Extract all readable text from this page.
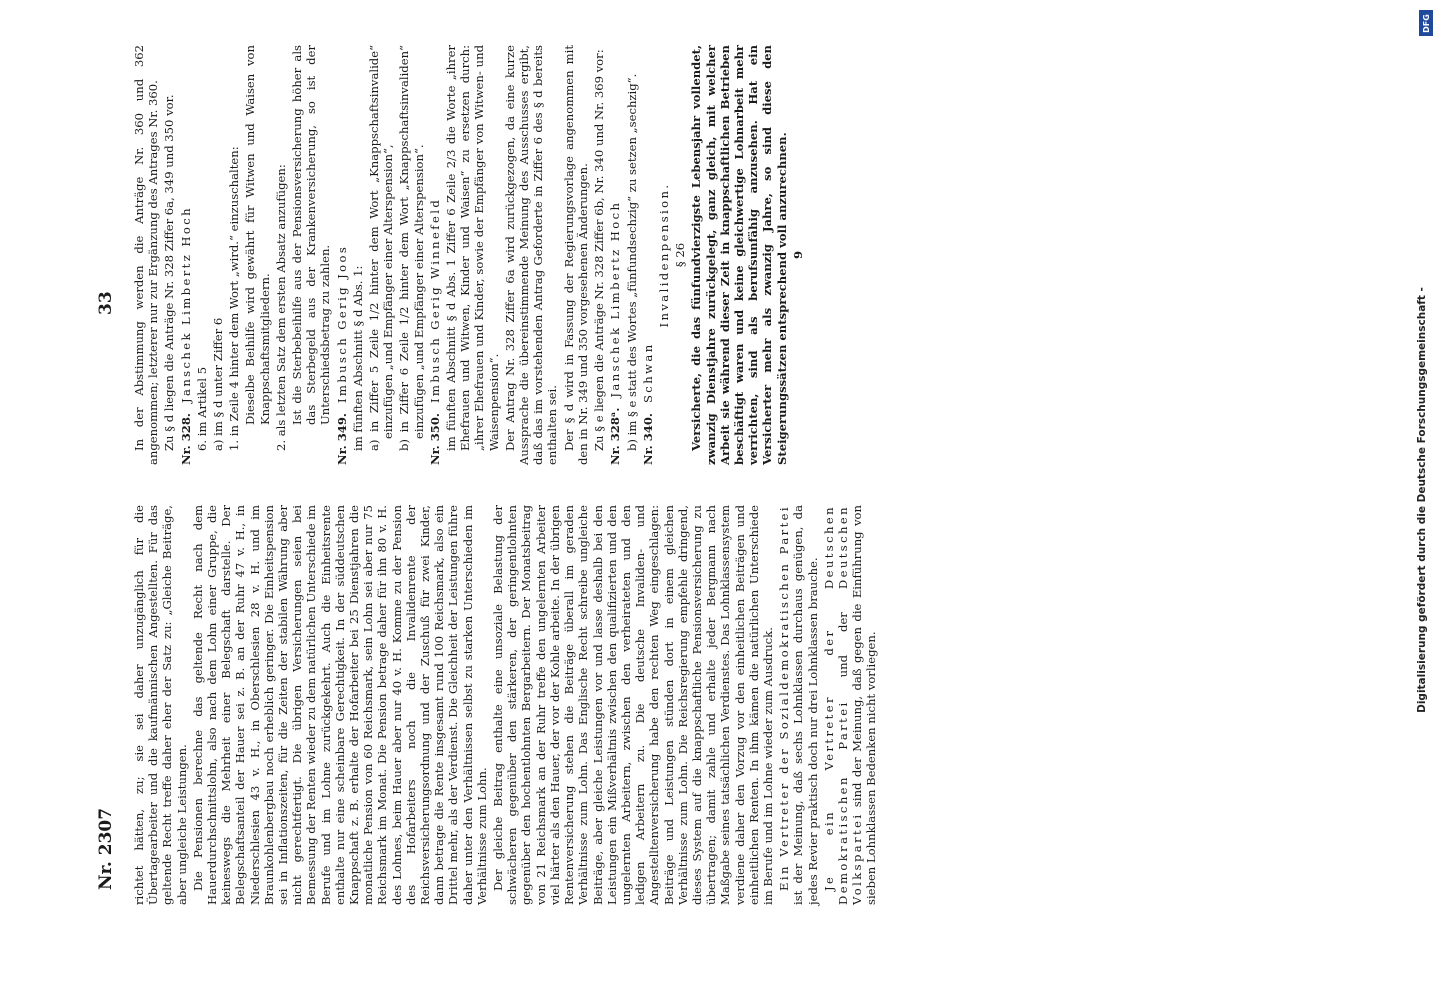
33
Nr. 2307 richtet hätten, zu; sie sei daher unzugänglich für die Übertagearbeiter und die kaufmännischen Angestellten. Für das geltende Recht treffe daher eher der Satz zu: „Gleiche Beiträge, aber ungleiche Leistungen. Die Pensionen berechne das geltende Recht nach dem Hauerdurchschnittslohn, also nach dem Lohn einer Gruppe, die keineswegs die Mehrheit einer Belegschaft darstelle. Der Belegschaftsanteil der Hauer sei z. B. an der Ruhr 47 v. H., in Niederschlesien 43 v. H., in Oberschlesien 28 v. H. und im Braunkohlenbergbau noch erheblich geringer. Die Einheitspension sei in Inflationszeiten, für die Zeiten der stabilen Währung aber nicht gerechtfertigt. Die übrigen Versicherungen seien bei Bemessung der Renten wieder zu dem natürlichen Unterschiede im Berufe und im Lohne zurückgekehrt. Auch die Einheitsrente enthalte nur eine scheinbare Gerechtigkeit. In der süddeutschen Knappschaft z. B. erhalte der Hofarbeiter bei 25 Dienstjahren die monatliche Pension von 60 Reichsmark, sein Lohn sei aber nur 75 Reichsmark im Monat. Die Pension betrage daher für ihn 80 v. H. des Lohnes, beim Hauer aber nur 40 v. H. Komme zu der Pension des Hofarbeiters noch die Invalidenrente der Reichsversicherungsordnung und der Zuschuß für zwei Kinder, dann betrage die Rente insgesamt rund 100 Reichsmark, also ein Drittel mehr, als der Verdienst. Die Gleichheit der Leistungen führe daher unter den Verhältnissen selbst zu starken Unterschieden im Verhältnisse zum Lohn. Der gleiche Beitrag enthalte eine unsoziale Belastung der schwächeren gegenüber den stärkeren, der geringentlohnten gegenüber den hochentlohnten Bergarbeitern. Der Monatsbeitrag von 21 Reichsmark an der Ruhr treffe den ungelernten Arbeiter viel härter als den Hauer, der vor der Kohle arbeite. In der übrigen Rentenversicherung stehen die Beiträge überall im geraden Verhältnisse zum Lohn. Das Englische Recht schreibe ungleiche Beiträge, aber gleiche Leistungen vor und lasse deshalb bei den Leistungen ein Mißverhältnis zwischen den qualifizierten und den ungelernten Arbeitern, zwischen den verheirateten und den ledigen Arbeitern zu. Die deutsche Invaliden- und Angestelltenversicherung habe den rechten Weg eingeschlagen: Beiträge und Leistungen stünden dort in einem gleichen Verhältnisse zum Lohn. Die Reichsregierung empfehle dringend, dieses System auf die knappschaftliche Pensionsversicherung zu übertragen; damit zahle und erhalte jeder Bergmann nach Maßgabe seines tatsächlichen Verdienstes. Das Lohnklassensystem verdiene daher den Vorzug vor den einheitlichen Beiträgen und einheitlichen Renten. In ihm kämen die natürlichen Unterschiede im Berufe und im Lohne wieder zum Ausdruck. Ein Vertreter der Sozialdemokratischen Partei ist der Meinung, daß sechs Lohnklassen durchaus genügen, da jedes Revier praktisch doch nur drei Lohnklassen brauche. Je ein Vertreter der Deutschen Demokratischen Partei und der Deutschen Volkspartei sind der Meinung, daß gegen die Einführung von sieben Lohnklassen Bedenken nicht vorliegen.

In der Abstimmung werden die Anträge Nr. 360 und 362 angenommen; letzterer nur zur Ergänzung des Antrages Nr. 360. Zu § d liegen die Anträge Nr. 328 Ziffer 6a, 349 und 350 vor. Nr. 328.Janschek Limbertz Hoch

6. im Artikel 5 a) im § d unter Ziffer 6 1. in Zeile 4 hinter dem Wort „wird.“ einzuschalten: Dieselbe Beihilfe wird gewährt für Witwen und Waisen von Knappschaftsmitgliedern. 2. als letzten Satz dem ersten Absatz anzufügen: Ist die Sterbebeihilfe aus der Pensionsversicherung höher als das Sterbegeld aus der Krankenversicherung, so ist der Unterschiedsbetrag zu zahlen.

Nr. 349.Imbusch Gerig Joos im fünften Abschnitt § d Abs. 1: a) in Ziffer 5 Zeile 1/2 hinter dem Wort „Knappschaftsinvalide“ einzufügen „und Empfänger einer Alterspension“, b) in Ziffer 6 Zeile 1/2 hinter dem Wort „Knappschaftsinvaliden“ einzufügen „und Empfänger einer Alterspension“.

Nr. 350.Imbusch Gerig Winnefeld im fünften Abschnitt § d Abs. 1 Ziffer 6 Zeile 2/3 die Worte „ihrer Ehefrauen und Witwen, Kinder und Waisen“ zu ersetzen durch: „ihrer Ehefrauen und Kinder, sowie der Empfänger von Witwen- und Waisenpension“. Der Antrag Nr. 328 Ziffer 6a wird zurückgezogen, da eine kurze Aussprache die übereinstimmende Meinung des Ausschusses ergibt, daß das im vorstehenden Antrag Geforderte in Ziffer 6 des § d bereits enthalten sei. Der § d wird in Fassung der Regierungsvorlage angenommen mit den in Nr. 349 und 350 vorgesehenen Änderungen. Zu § e liegen die Anträge Nr. 328 Ziffer 6b, Nr. 340 und Nr. 369 vor: Nr. 328ᵃ.Janschek Limbertz Hoch b) im § e statt des Wortes „fünfundsechzig“ zu setzen „sechzig“. Nr. 340.Schwan

Invalidenpension. § 26 Versicherte, die das fünfundvierzigste Lebensjahr vollendet, zwanzig Dienstjahre zurückgelegt, ganz gleich, mit welcher Arbeit sie während dieser Zeit in knappschaftlichen Betrieben beschäftigt waren und keine gleichwertige Lohnarbeit mehr verrichten, sind als berufsunfähig anzusehen. Hat ein Versicherter mehr als zwanzig Jahre, so sind diese den Steigerungssätzen entsprechend voll anzurechnen. 9
DFG
Digitalisierung gefördert durch die Deutsche Forschungsgemeinschaft -
